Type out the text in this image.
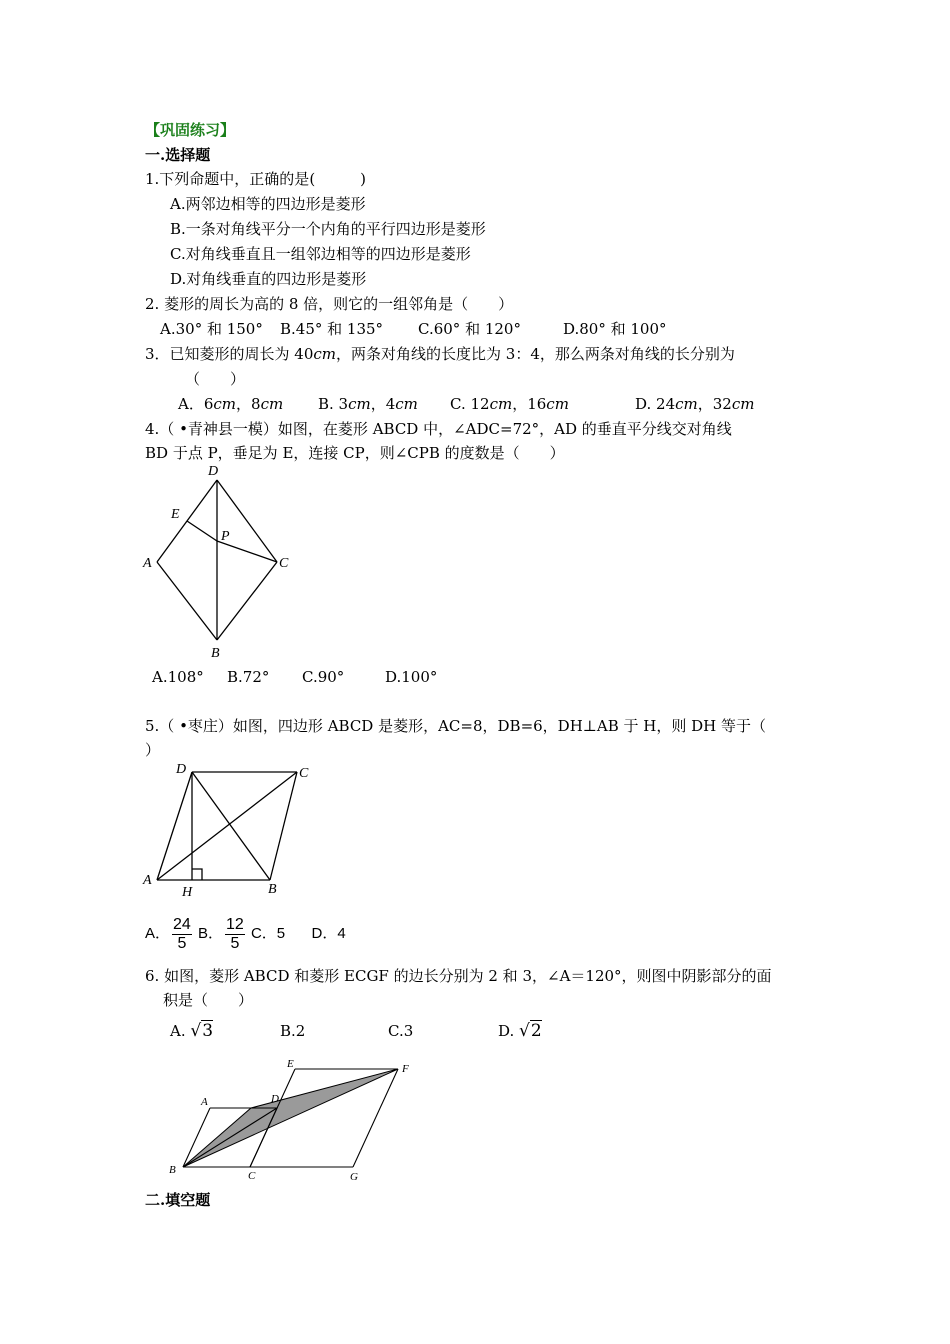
【巩固练习】
一.选择题
1.下列命题中，正确的是(　　　)
A.两邻边相等的四边形是菱形
B.一条对角线平分一个内角的平行四边形是菱形
C.对角线垂直且一组邻边相等的四边形是菱形
D.对角线垂直的四边形是菱形
2. 菱形的周长为高的 8 倍，则它的一组邻角是（　　）
A.30° 和 150° B.45° 和 135° C.60° 和 120°	D.80° 和 100°
3．已知菱形的周长为 40cm，两条对角线的长度比为 3：4，那么两条对角线的长分别为
（　　）
A．6cm，8cm B. 3cm，4cm C. 12cm，16cm	D. 24cm，32cm
4.（ •青神县一模）如图，在菱形 ABCD 中，∠ADC=72°，AD 的垂直平分线交对角线
BD 于点 P，垂足为 E，连接 CP，则∠CPB 的度数是（　　）
D
E
P
A	C
B
A.108° B.72° C.90°	D.100°
5.（ •枣庄）如图，四边形 ABCD 是菱形，AC=8，DB=6，DH⊥AB 于 H，则 DH 等于（
）
D	C
A
H	B
A． $\frac{24}{5}$ B． $\frac{12}{5}$ C．5 D．4
6. 如图，菱形 ABCD 和菱形 ECGF 的边长分别为 2 和 3，∠A＝120°，则图中阴影部分的面
积是（　　）
A. √3	B.2	C.3	D. √2
E	F
A	D
B	C	G
二.填空题
